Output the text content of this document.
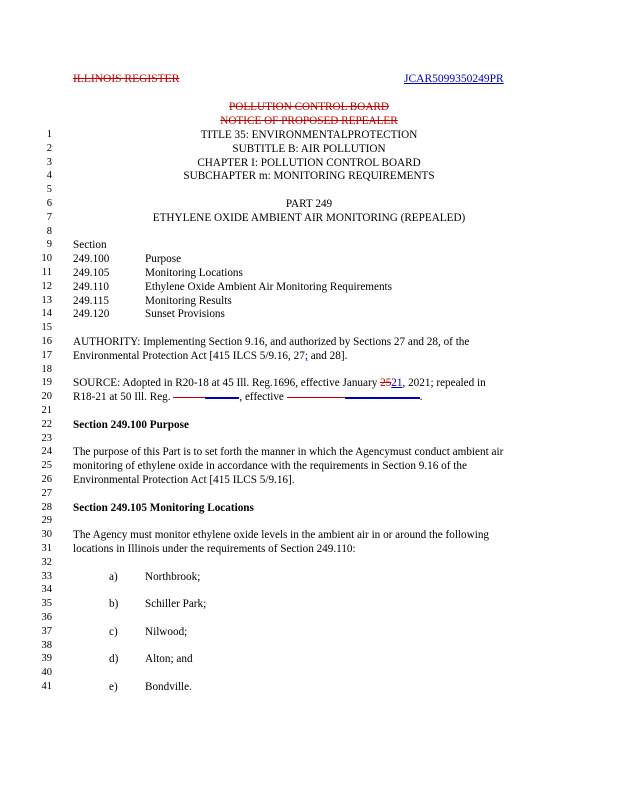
ILLINOIS REGISTER	JCAR5099350249PR
POLLUTION CONTROL BOARD
NOTICE OF PROPOSED REPEALER
1
2
3
4
5
6
7
8
9
10
11
12
13
14
15
16
17
18
19
20
21
22
23
24
25
26
27
28
29
30
31
32
33
34
35
36
37
38
39
40
41
TITLE 35: ENVIRONMENTALPROTECTION
SUBTITLE B: AIR POLLUTION
CHAPTER I: POLLUTION CONTROL BOARD
SUBCHAPTER m: MONITORING REQUIREMENTS
PART 249
ETHYLENE OXIDE AMBIENT AIR MONITORING (REPEALED)
Section
249.100	Purpose
249.105	Monitoring Locations
249.110	Ethylene Oxide Ambient Air Monitoring Requirements
249.115	Monitoring Results
249.120	Sunset Provisions
AUTHORITY: Implementing Section 9.16, and authorized by Sections 27 and 28, of the
Environmental Protection Act [415 ILCS 5/9.16, 27; and 28].
SOURCE: Adopted in R20-18 at 45 Ill. Reg.1696, effective January 2521, 2021; repealed in
R18-21 at 50 Ill. Reg.	, effective	.
Section 249.100 Purpose
The purpose of this Part is to set forth the manner in which the Agencymust conduct ambient air
monitoring of ethylene oxide in accordance with the requirements in Section 9.16 of the
Environmental Protection Act [415 ILCS 5/9.16].
Section 249.105 Monitoring Locations
The Agency must monitor ethylene oxide levels in the ambient air in or around the following
locations in Illinois under the requirements of Section 249.110:
a) Northbrook;
b) Schiller Park;
c) Nilwood;
d) Alton; and
e) Bondville.
